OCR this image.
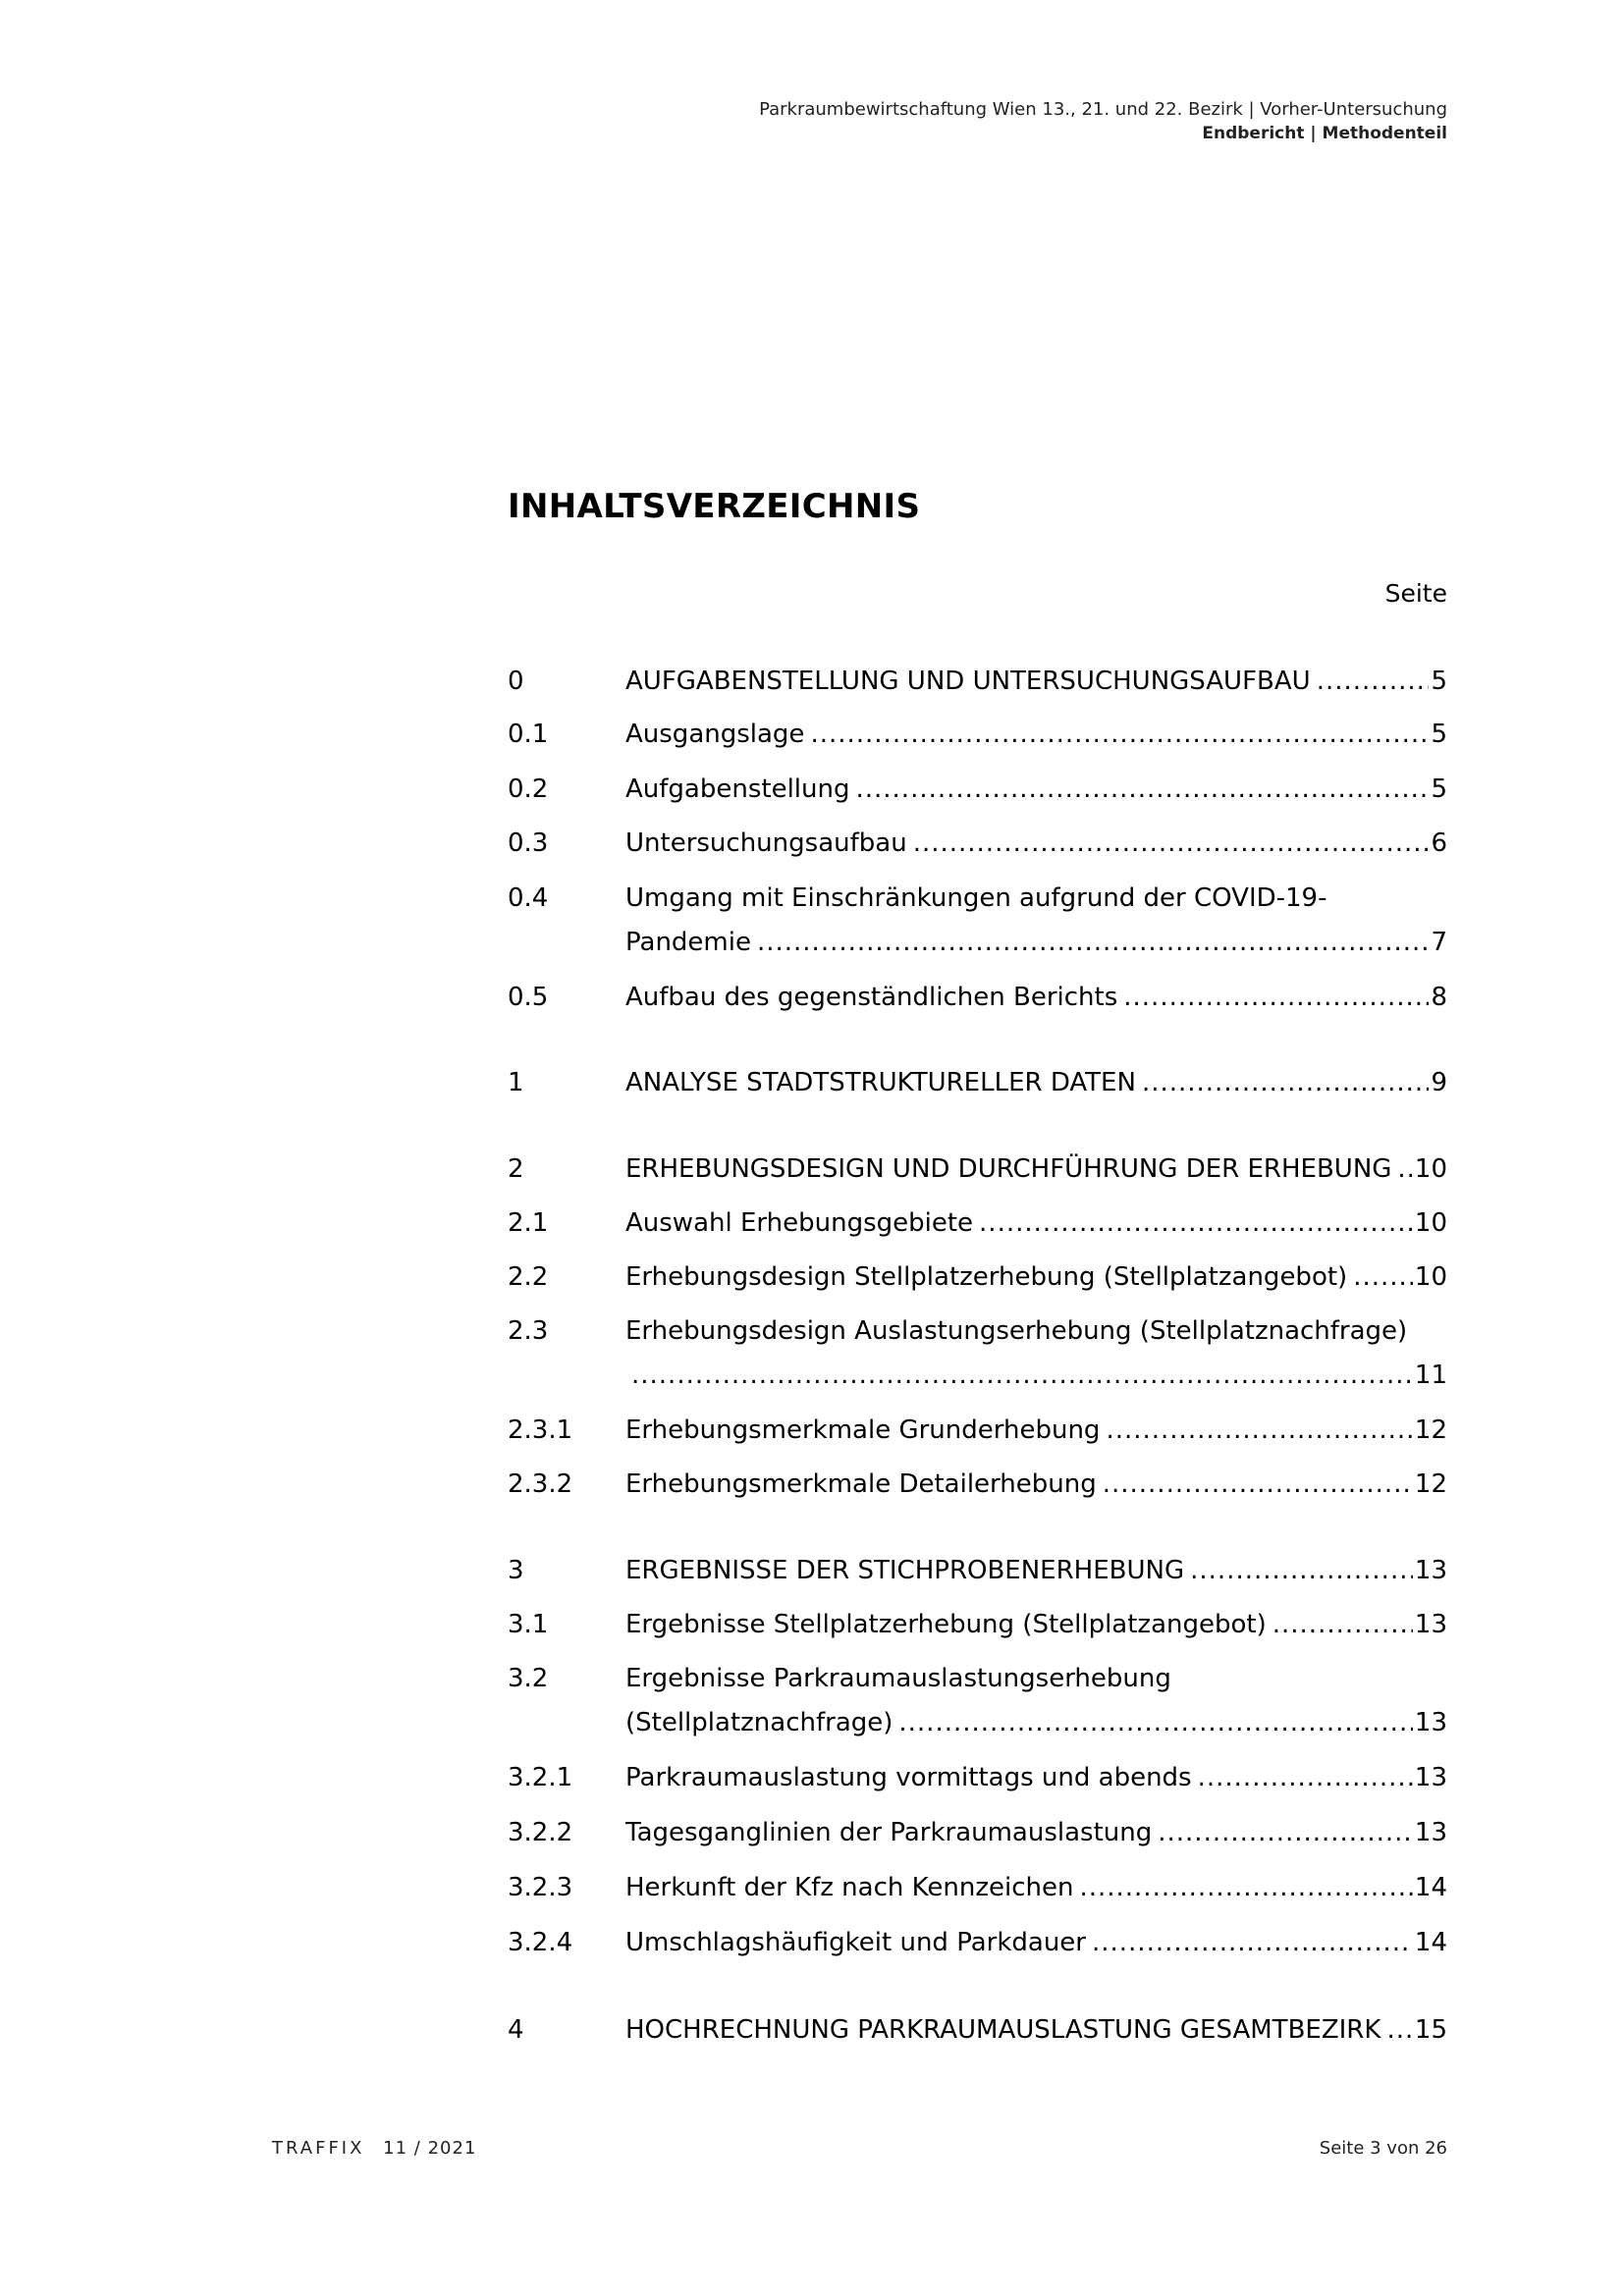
Parkraumbewirtschaftung Wien 13., 21. und 22. Bezirk | Vorher-Untersuchung
Endbericht | Methodenteil
INHALTSVERZEICHNIS
Seite
0	AUFGABENSTELLUNG UND UNTERSUCHUNGSAUFBAU .....	5
0.1	Ausgangslage .....	5
0.2	Aufgabenstellung .....	5
0.3	Untersuchungsaufbau .....	6
0.4	Umgang mit Einschränkungen aufgrund der COVID-19-
Pandemie .....	7
0.5	Aufbau des gegenständlichen Berichts .....	8
1	ANALYSE STADTSTRUKTURELLER DATEN .....	9
2	ERHEBUNGSDESIGN UND DURCHFÜHRUNG DER ERHEBUNG ..... 10
2.1	Auswahl Erhebungsgebiete .....	10
2.2	Erhebungsdesign Stellplatzerhebung (Stellplatzangebot) .....	10
2.3	Erhebungsdesign Auslastungserhebung (Stellplatznachfrage)
.....
11
2.3.1	Erhebungsmerkmale Grunderhebung .....	12
2.3.2	Erhebungsmerkmale Detailerhebung .....	12
3	ERGEBNISSE DER STICHPROBENERHEBUNG .....	13
3.1	Ergebnisse Stellplatzerhebung (Stellplatzangebot) .....	13
3.2	Ergebnisse Parkraumauslastungserhebung
(Stellplatznachfrage) .....	13
3.2.1	Parkraumauslastung vormittags und abends .....	13
3.2.2	Tagesganglinien der Parkraumauslastung .....	13
3.2.3	Herkunft der Kfz nach Kennzeichen .....	14
3.2.4	Umschlagshäufigkeit und Parkdauer .....	14
4	HOCHRECHNUNG PARKRAUMAUSLASTUNG GESAMTBEZIRK ..... 15
TRAFFIX 11 / 2021	Seite 3 von 26
